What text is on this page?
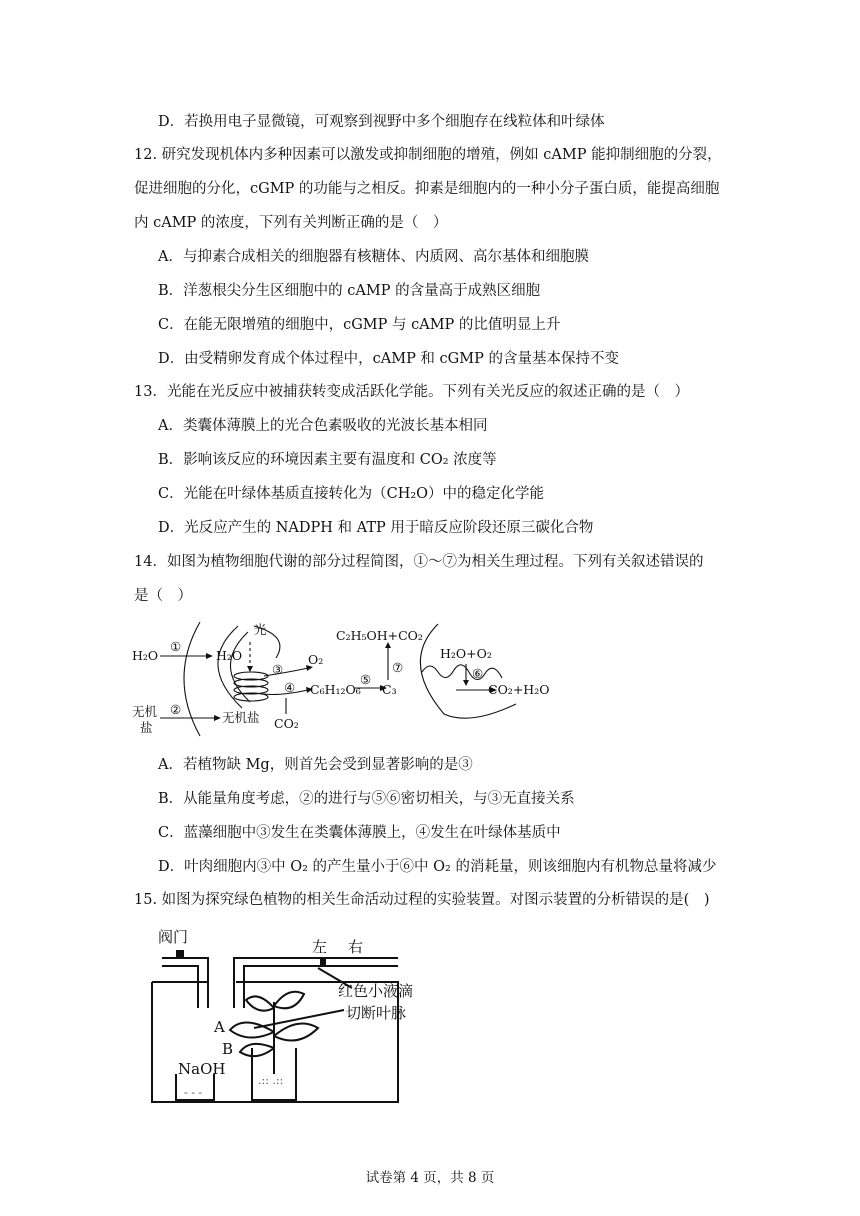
D．若换用电子显微镜，可观察到视野中多个细胞存在线粒体和叶绿体
12. 研究发现机体内多种因素可以激发或抑制细胞的增殖，例如 cAMP 能抑制细胞的分裂，
促进细胞的分化，cGMP 的功能与之相反。抑素是细胞内的一种小分子蛋白质，能提高细胞
内 cAMP 的浓度，下列有关判断正确的是（　）
A．与抑素合成相关的细胞器有核糖体、内质网、高尔基体和细胞膜
B．洋葱根尖分生区细胞中的 cAMP 的含量高于成熟区细胞
C．在能无限增殖的细胞中，cGMP 与 cAMP 的比值明显上升
D．由受精卵发育成个体过程中，cAMP 和 cGMP 的含量基本保持不变
13．光能在光反应中被捕获转变成活跃化学能。下列有关光反应的叙述正确的是（　）
A．类囊体薄膜上的光合色素吸收的光波长基本相同
B．影响该反应的环境因素主要有温度和 CO₂ 浓度等
C．光能在叶绿体基质直接转化为（CH₂O）中的稳定化学能
D．光反应产生的 NADPH 和 ATP 用于暗反应阶段还原三碳化合物
14．如图为植物细胞代谢的部分过程简图，①～⑦为相关生理过程。下列有关叙述错误的
是（　）
H₂O
①
H₂O
光
③
O₂
④ C₆H₁₂O₆
⑤
C₃
C₂H₅OH+CO₂
⑦
CO₂
H₂O+O₂
⑥
CO₂+H₂O
无机
盐
②
无机盐
A．若植物缺 Mg，则首先会受到显著影响的是③
B．从能量角度考虑，②的进行与⑤⑥密切相关，与③无直接关系
C．蓝藻细胞中③发生在类囊体薄膜上，④发生在叶绿体基质中
D．叶肉细胞内③中 O₂ 的产生量小于⑥中 O₂ 的消耗量，则该细胞内有机物总量将减少
15. 如图为探究绿色植物的相关生命活动过程的实验装置。对图示装置的分析错误的是(　)
- - -
.:: .::
阀门
左 右
红色小液滴
切断叶脉
A
B
NaOH
试卷第 4 页，共 8 页
